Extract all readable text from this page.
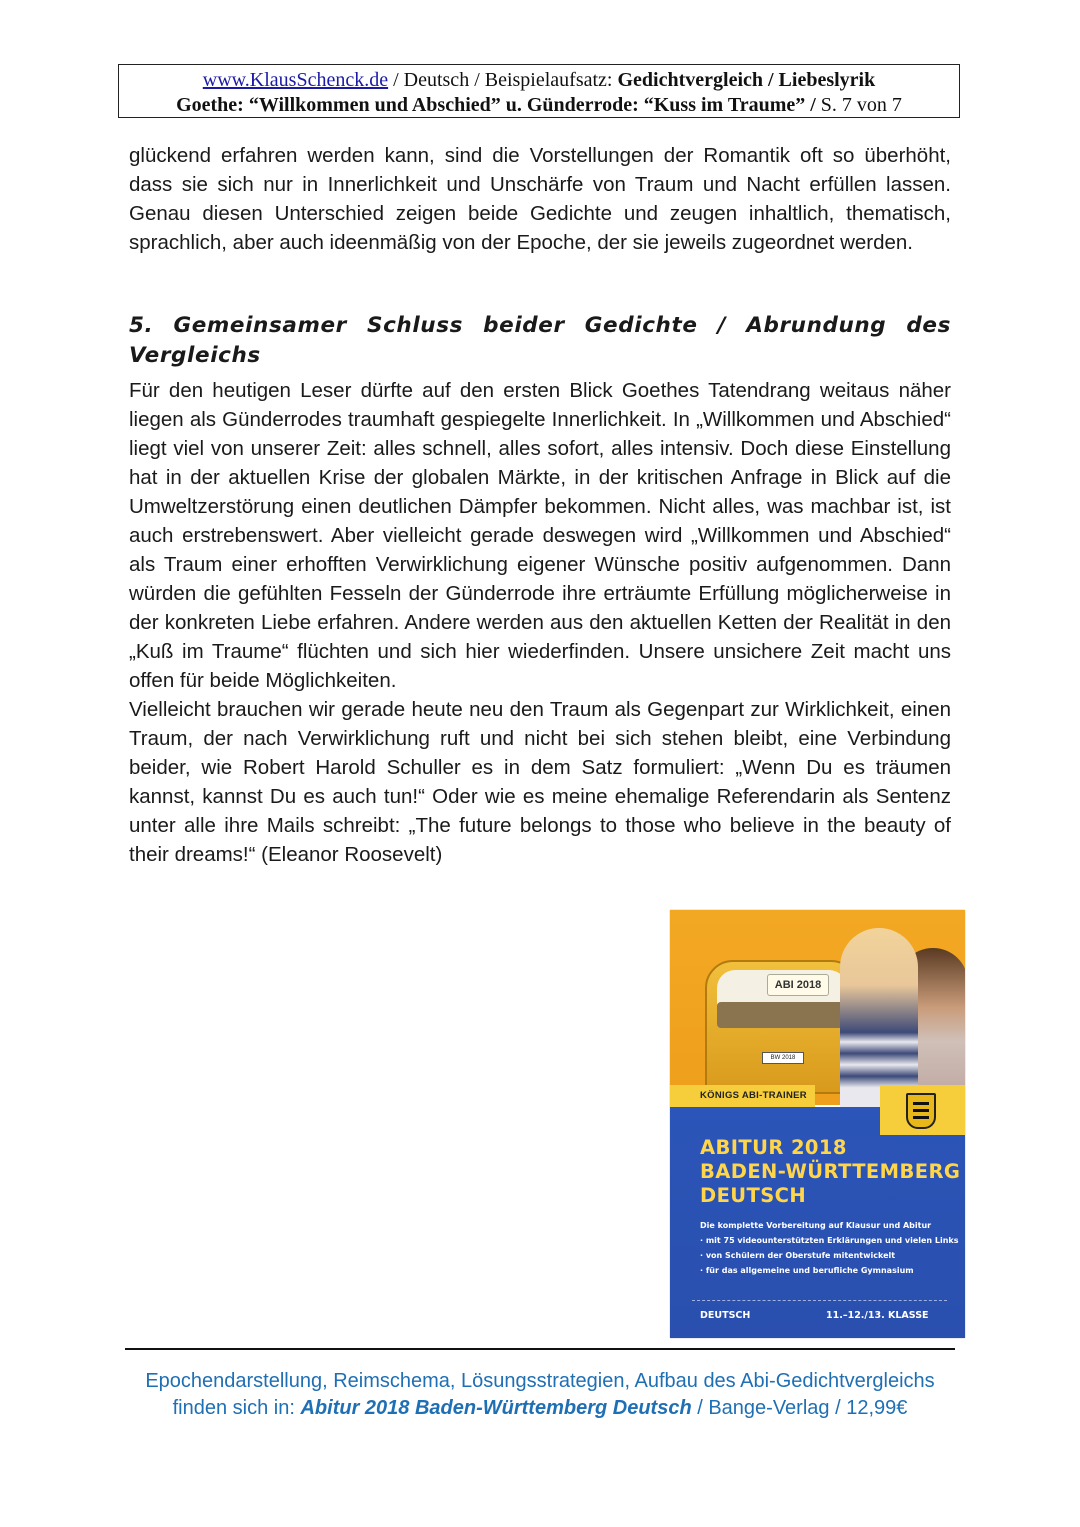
www.KlausSchenck.de / Deutsch / Beispielaufsatz: Gedichtvergleich / Liebeslyrik
Goethe: “Willkommen und Abschied” u. Günderrode: “Kuss im Traume” / S. 7 von 7

glückend erfahren werden kann, sind die Vorstellungen der Romantik oft so überhöht, dass sie sich nur in Innerlichkeit und Unschärfe von Traum und Nacht erfüllen lassen. Genau diesen Unterschied zeigen beide Gedichte und zeugen inhaltlich, thematisch, sprachlich, aber auch ideenmäßig von der Epoche, der sie jeweils zugeordnet werden.

5. Gemeinsamer Schluss beider Gedichte / Abrundung des Vergleichs

Für den heutigen Leser dürfte auf den ersten Blick Goethes Tatendrang weitaus näher liegen als Günderrodes traumhaft gespiegelte Innerlichkeit. In „Willkommen und Abschied“ liegt viel von unserer Zeit: alles schnell, alles sofort, alles intensiv. Doch diese Einstellung hat in der aktuellen Krise der globalen Märkte, in der kritischen Anfrage in Blick auf die Umweltzerstörung einen deutlichen Dämpfer bekommen. Nicht alles, was machbar ist, ist auch erstrebenswert. Aber vielleicht gerade deswegen wird „Willkommen und Abschied“ als Traum einer erhofften Verwirklichung eigener Wünsche positiv aufgenommen. Dann würden die gefühlten Fesseln der Günderrode ihre erträumte Erfüllung möglicherweise in der konkreten Liebe erfahren. Andere werden aus den aktuellen Ketten der Realität in den „Kuß im Traume“ flüchten und sich hier wiederfinden. Unsere unsichere Zeit macht uns offen für beide Möglichkeiten.

Vielleicht brauchen wir gerade heute neu den Traum als Gegenpart zur Wirklichkeit, einen Traum, der nach Verwirklichung ruft und nicht bei sich stehen bleibt, eine Verbindung beider, wie Robert Harold Schuller es in dem Satz formuliert: „Wenn Du es träumen kannst, kannst Du es auch tun!“ Oder wie es meine ehemalige Referendarin als Sentenz unter alle ihre Mails schreibt: „The future belongs to those who believe in the beauty of their dreams!“ (Eleanor Roosevelt)

ABI 2018
BW 2018
KÖNIGS ABI-TRAINER
ABITUR 2018
BADEN-WÜRTTEMBERG
DEUTSCH
Die komplette Vorbereitung auf Klausur und Abitur
· mit 75 videounterstützten Erklärungen und vielen Links
· von Schülern der Oberstufe mitentwickelt
· für das allgemeine und berufliche Gymnasium
DEUTSCH	11.–12./13. KLASSE
Epochendarstellung, Reimschema, Lösungsstrategien, Aufbau des Abi-Gedichtvergleichs
finden sich in: Abitur 2018 Baden-Württemberg Deutsch / Bange-Verlag / 12,99€
